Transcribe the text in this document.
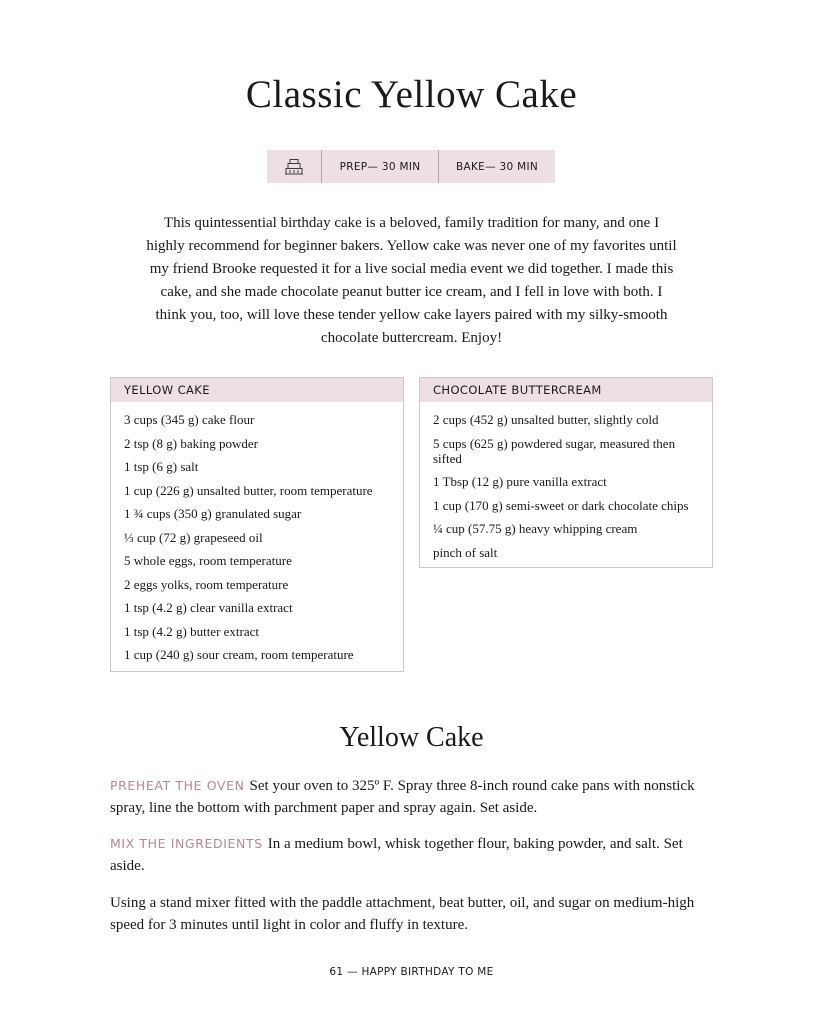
Classic Yellow Cake
PREP— 30 MIN	BAKE— 30 MIN

This quintessential birthday cake is a beloved, family tradition for many, and one I highly recommend for beginner bakers. Yellow cake was never one of my favorites until my friend Brooke requested it for a live social media event we did together. I made this cake, and she made chocolate peanut butter ice cream, and I fell in love with both. I think you, too, will love these tender yellow cake layers paired with my silky-smooth chocolate buttercream. Enjoy!

YELLOW CAKE
3 cups (345 g) cake flour
2 tsp (8 g) baking powder
1 tsp (6 g) salt
1 cup (226 g) unsalted butter, room temperature
1 ¾ cups (350 g) granulated sugar
⅓ cup (72 g) grapeseed oil
5 whole eggs, room temperature
2 eggs yolks, room temperature
1 tsp (4.2 g) clear vanilla extract
1 tsp (4.2 g) butter extract
1 cup (240 g) sour cream, room temperature
CHOCOLATE BUTTERCREAM
2 cups (452 g) unsalted butter, slightly cold
5 cups (625 g) powdered sugar, measured then sifted
1 Tbsp (12 g) pure vanilla extract
1 cup (170 g) semi-sweet or dark chocolate chips
¼ cup (57.75 g) heavy whipping cream
pinch of salt
Yellow Cake

PREHEAT THE OVEN Set your oven to 325º F. Spray three 8-inch round cake pans with nonstick spray, line the bottom with parchment paper and spray again. Set aside.

MIX THE INGREDIENTS In a medium bowl, whisk together flour, baking powder, and salt. Set aside.

Using a stand mixer fitted with the paddle attachment, beat butter, oil, and sugar on medium-high speed for 3 minutes until light in color and fluffy in texture.

61 — HAPPY BIRTHDAY TO ME
